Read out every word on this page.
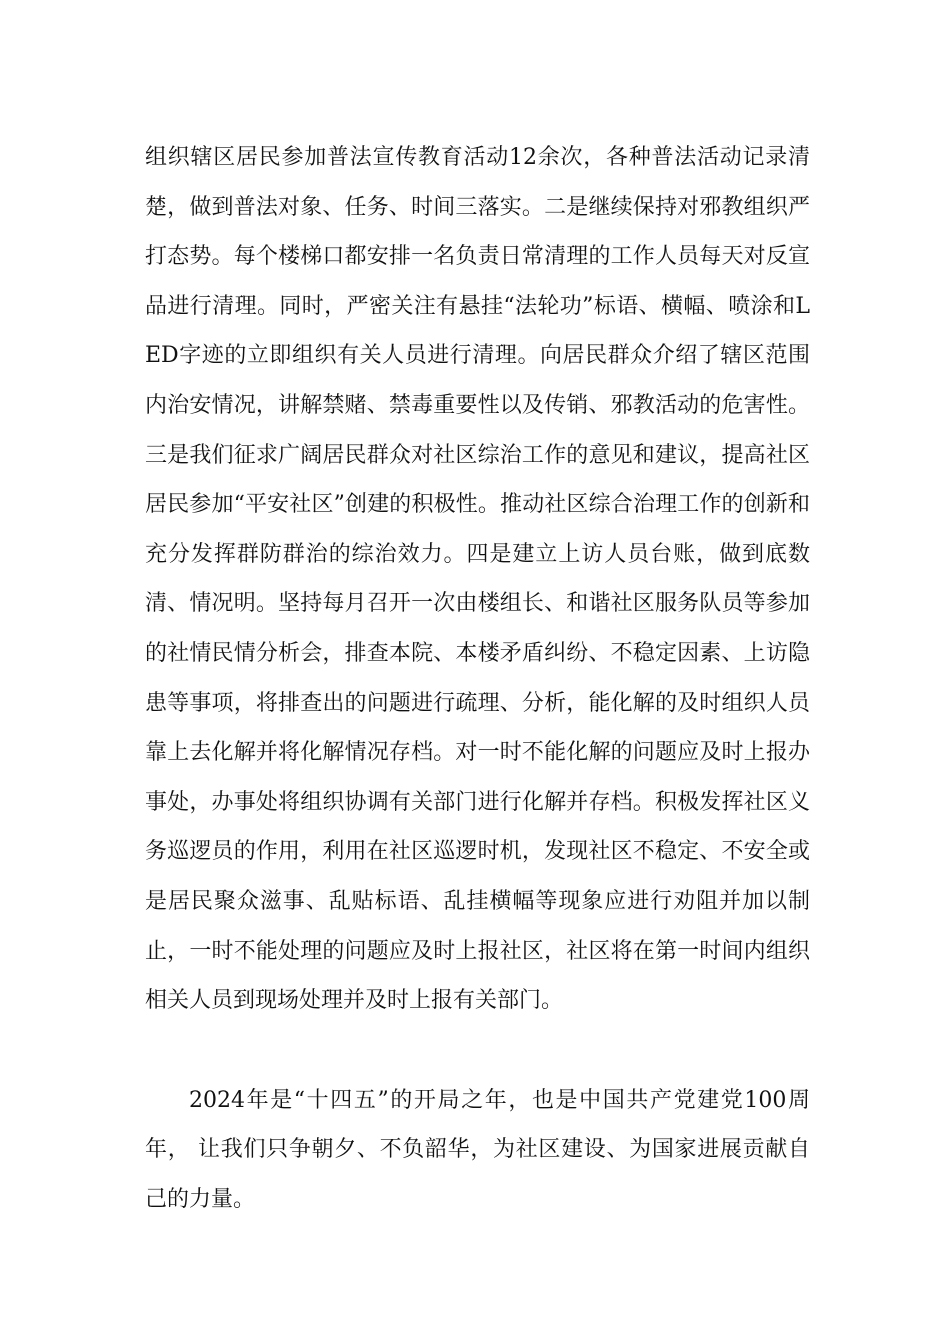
组织辖区居民参加普法宣传教育活动12余次，各种普法活动记录清楚，做到普法对象、任务、时间三落实。二是继续保持对邪教组织严打态势。每个楼梯口都安排一名负责日常清理的工作人员每天对反宣品进行清理。同时，严密关注有悬挂“法轮功”标语、横幅、喷涂和LED字迹的立即组织有关人员进行清理。向居民群众介绍了辖区范围内治安情况，讲解禁赌、禁毒重要性以及传销、邪教活动的危害性。三是我们征求广阔居民群众对社区综治工作的意见和建议，提高社区居民参加“平安社区”创建的积极性。推动社区综合治理工作的创新和充分发挥群防群治的综治效力。四是建立上访人员台账，做到底数清、情况明。坚持每月召开一次由楼组长、和谐社区服务队员等参加的社情民情分析会，排查本院、本楼矛盾纠纷、不稳定因素、上访隐患等事项，将排查出的问题进行疏理、分析，能化解的及时组织人员靠上去化解并将化解情况存档。对一时不能化解的问题应及时上报办事处，办事处将组织协调有关部门进行化解并存档。积极发挥社区义务巡逻员的作用，利用在社区巡逻时机，发现社区不稳定、不安全或是居民聚众滋事、乱贴标语、乱挂横幅等现象应进行劝阻并加以制止，一时不能处理的问题应及时上报社区，社区将在第一时间内组织相关人员到现场处理并及时上报有关部门。

2024年是“十四五”的开局之年，也是中国共产党建党100周年， 让我们只争朝夕、不负韶华，为社区建设、为国家进展贡献自己的力量。
